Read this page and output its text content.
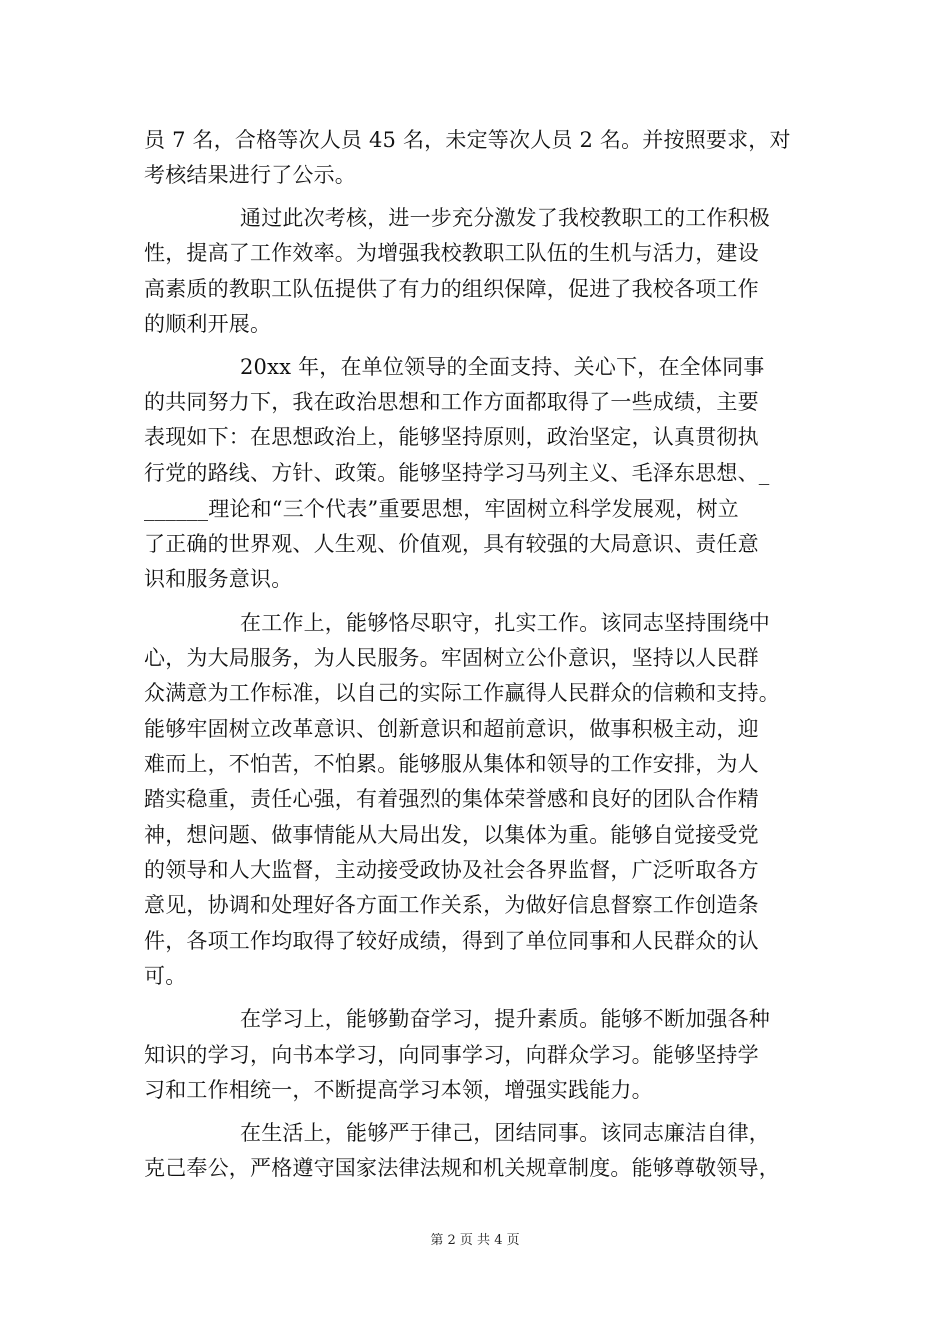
员 7 名，合格等次人员 45 名，未定等次人员 2 名。并按照要求，对
考核结果进行了公示。
通过此次考核，进一步充分激发了我校教职工的工作积极
性，提高了工作效率。为增强我校教职工队伍的生机与活力，建设
高素质的教职工队伍提供了有力的组织保障，促进了我校各项工作
的顺利开展。
20xx 年，在单位领导的全面支持、关心下，在全体同事
的共同努力下，我在政治思想和工作方面都取得了一些成绩，主要
表现如下：在思想政治上，能够坚持原则，政治坚定，认真贯彻执
行党的路线、方针、政策。能够坚持学习马列主义、毛泽东思想、_
______理论和“三个代表”重要思想，牢固树立科学发展观，树立
了正确的世界观、人生观、价值观，具有较强的大局意识、责任意
识和服务意识。
在工作上，能够恪尽职守，扎实工作。该同志坚持围绕中
心，为大局服务，为人民服务。牢固树立公仆意识，坚持以人民群
众满意为工作标准，以自己的实际工作赢得人民群众的信赖和支持。
能够牢固树立改革意识、创新意识和超前意识，做事积极主动，迎
难而上，不怕苦，不怕累。能够服从集体和领导的工作安排，为人
踏实稳重，责任心强，有着强烈的集体荣誉感和良好的团队合作精
神，想问题、做事情能从大局出发，以集体为重。能够自觉接受党
的领导和人大监督，主动接受政协及社会各界监督，广泛听取各方
意见，协调和处理好各方面工作关系，为做好信息督察工作创造条
件，各项工作均取得了较好成绩，得到了单位同事和人民群众的认
可。
在学习上，能够勤奋学习，提升素质。能够不断加强各种
知识的学习，向书本学习，向同事学习，向群众学习。能够坚持学
习和工作相统一，不断提高学习本领，增强实践能力。
在生活上，能够严于律己，团结同事。该同志廉洁自律，
克己奉公，严格遵守国家法律法规和机关规章制度。能够尊敬领导，
第 2 页 共 4 页
